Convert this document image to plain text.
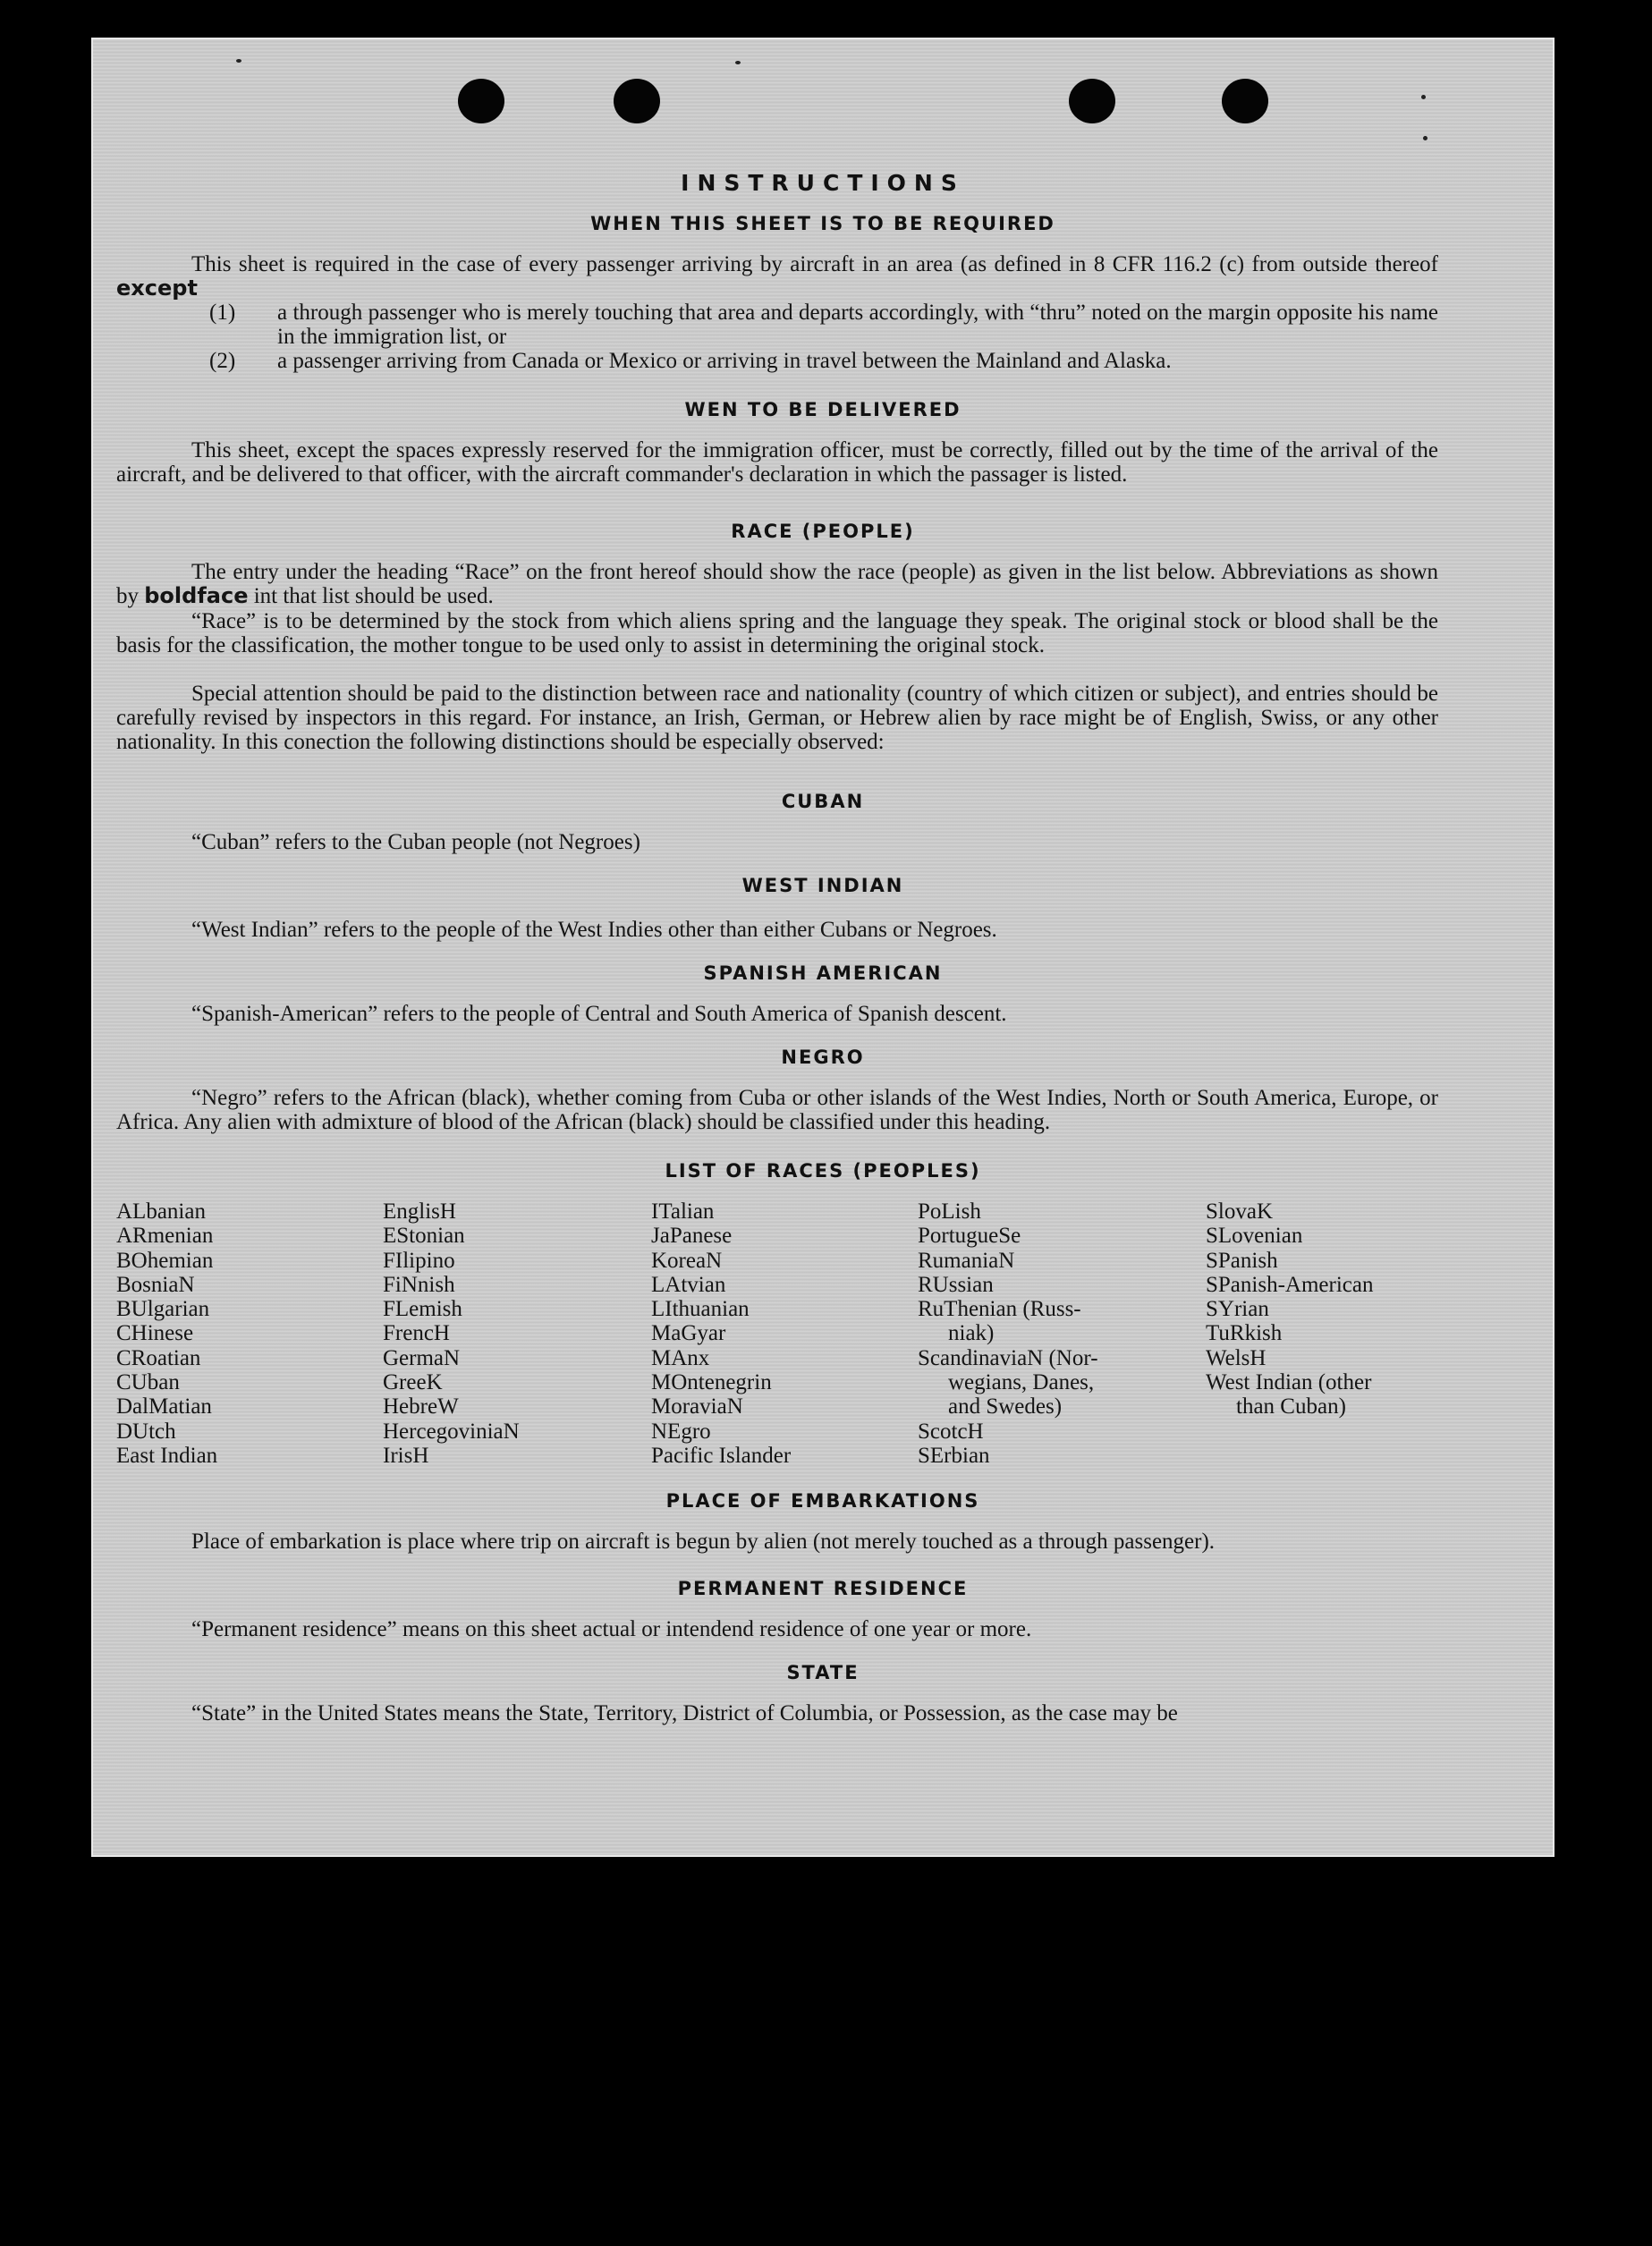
INSTRUCTIONS
WHEN THIS SHEET IS TO BE REQUIRED

This sheet is required in the case of every passenger arriving by aircraft in an area (as defined in 8 CFR 116.2 (c) from outside thereof except

(1)	a through passenger who is merely touching that area and departs accordingly, with “thru” noted on the margin opposite his name in the immigration list, or

(2)	a passenger arriving from Canada or Mexico or arriving in travel between the Mainland and Alaska.

WEN TO BE DELIVERED

This sheet, except the spaces expressly reserved for the immigration officer, must be correctly, filled out by the time of the arrival of the aircraft, and be delivered to that officer, with the aircraft commander's declaration in which the passager is listed.

RACE (PEOPLE)

The entry under the heading “Race” on the front hereof should show the race (people) as given in the list below. Abbreviations as shown by boldface int that list should be used.

“Race” is to be determined by the stock from which aliens spring and the language they speak. The original stock or blood shall be the basis for the classification, the mother tongue to be used only to assist in determining the original stock.

Special attention should be paid to the distinction between race and nationality (country of which citizen or subject), and entries should be carefully revised by inspectors in this regard. For instance, an Irish, German, or Hebrew alien by race might be of English, Swiss, or any other nationality. In this conection the following distinctions should be especially observed:

CUBAN

“Cuban” refers to the Cuban people (not Negroes)

WEST INDIAN

“West Indian” refers to the people of the West Indies other than either Cubans or Negroes.

SPANISH AMERICAN

“Spanish-American” refers to the people of Central and South America of Spanish descent.

NEGRO

“Negro” refers to the African (black), whether coming from Cuba or other islands of the West Indies, North or South America, Europe, or Africa. Any alien with admixture of blood of the African (black) should be classified under this heading.

LIST OF RACES (PEOPLES)
ALbanian
ARmenian
BOhemian
BosniaN
BUlgarian
CHinese
CRoatian
CUban
DalMatian
DUtch
East Indian
EnglisH
EStonian
FIlipino
FiNnish
FLemish
FrencH
GermaN
GreeK
HebreW
HercegoviniaN
IrisH
ITalian
JaPanese
KoreaN
LAtvian
LIthuanian
MaGyar
MAnx
MOntenegrin
MoraviaN
NEgro
Pacific Islander
PoLish
PortugueSe
RumaniaN
RUssian
RuThenian (Russ-
niak)
ScandinaviaN (Nor-
wegians, Danes,
and Swedes)
ScotcH
SErbian
SlovaK
SLovenian
SPanish
SPanish-American
SYrian
TuRkish
WelsH
West Indian (other
than Cuban)
PLACE OF EMBARKATIONS

Place of embarkation is place where trip on aircraft is begun by alien (not merely touched as a through passenger).

PERMANENT RESIDENCE

“Permanent residence” means on this sheet actual or intendend residence of one year or more.

STATE

“State” in the United States means the State, Territory, District of Columbia, or Possession, as the case may be
